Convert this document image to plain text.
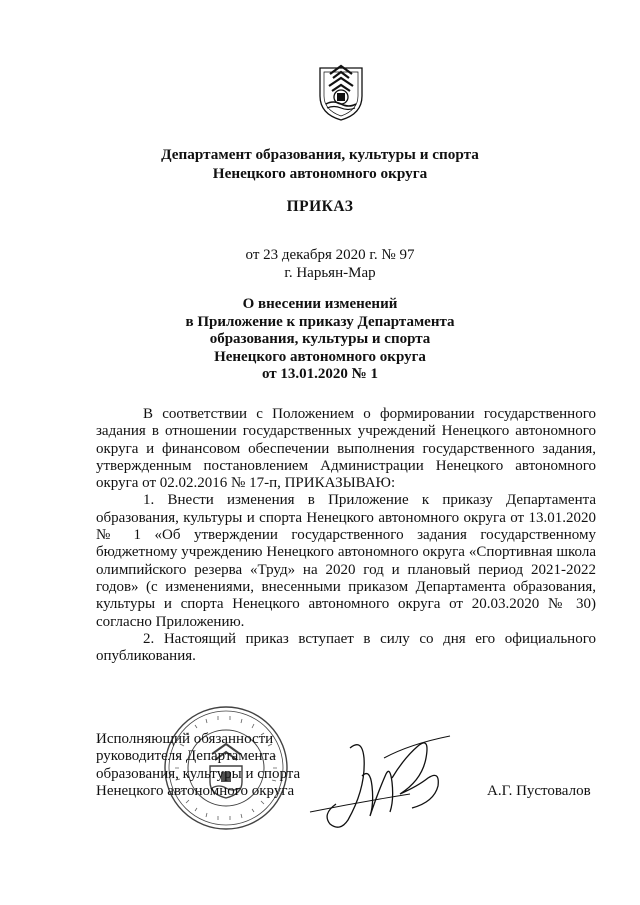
Департамент образования, культуры и спорта
Ненецкого автономного округа
ПРИКАЗ
от 23 декабря 2020 г. № 97
г. Нарьян-Мар
О внесении изменений
в Приложение к приказу Департамента
образования, культуры и спорта
Ненецкого автономного округа
от 13.01.2020 № 1

В соответствии с Положением о формировании государственного задания в отношении государственных учреждений Ненецкого автономного округа и финансовом обеспечении выполнения государственного задания, утвержденным постановлением Администрации Ненецкого автономного округа от 02.02.2016 № 17-п, ПРИКАЗЫВАЮ:

1. Внести изменения в Приложение к приказу Департамента образования, культуры и спорта Ненецкого автономного округа от 13.01.2020 № 1 «Об утверждении государственного задания государственному бюджетному учреждению Ненецкого автономного округа «Спортивная школа олимпийского резерва «Труд» на 2020 год и плановый период 2021-2022 годов» (с изменениями, внесенными приказом Департамента образования, культуры и спорта Ненецкого автономного округа от 20.03.2020 № 30) согласно Приложению.

2. Настоящий приказ вступает в силу со дня его официального опубликования.

Исполняющий обязанности
руководителя Департамента
образования, культуры и спорта
Ненецкого автономного округа	А.Г. Пустовалов
